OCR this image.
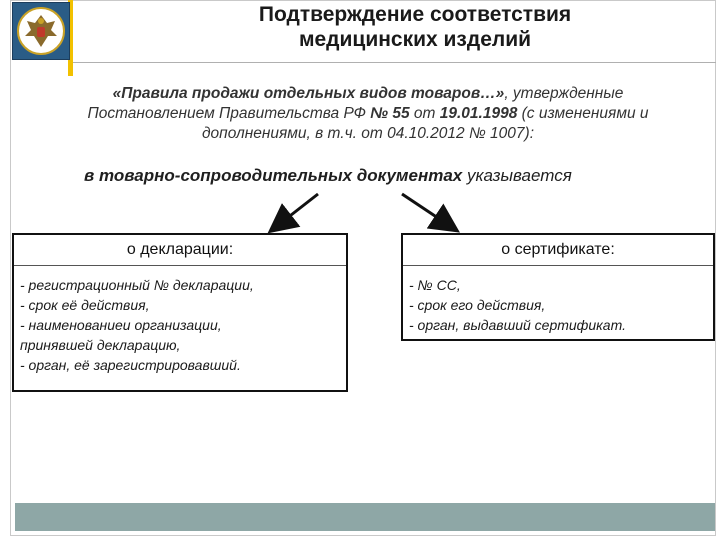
Подтверждение соответствия
медицинских изделий
«Правила продажи отдельных видов товаров…», утвержденные
Постановлением Правительства РФ № 55 от 19.01.1998 (с изменениями и
дополнениями, в т.ч. от 04.10.2012 № 1007):
в товарно-сопроводительных документах указывается
о декларации:
- регистрационный № декларации,
- срок её действия,
- наименованиеи организации,
принявшей декларацию,
- орган, её зарегистрировавший.
о сертификате:
- № СС,
- срок его действия,
- орган, выдавший сертификат.
